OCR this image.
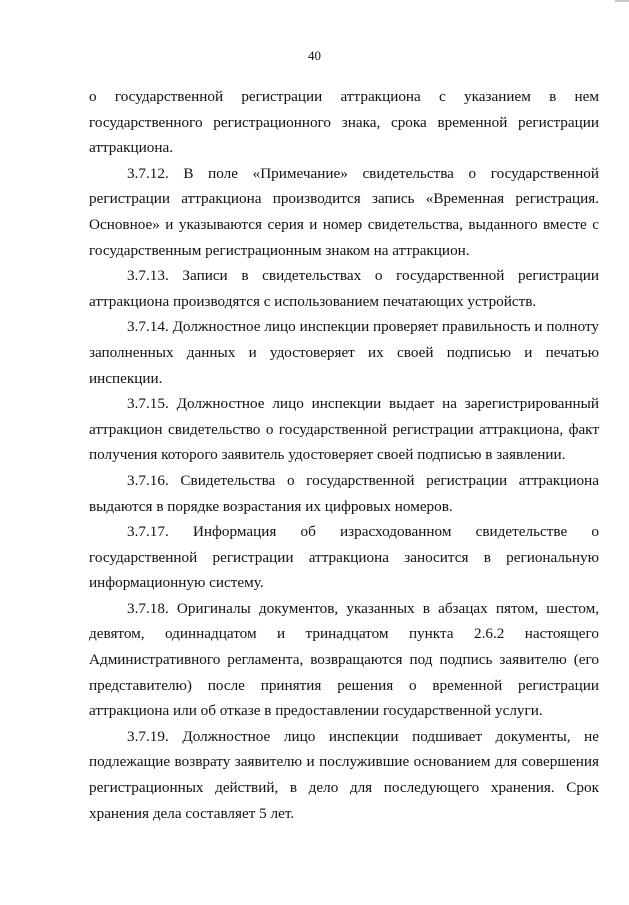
40

о государственной регистрации аттракциона с указанием в нем государственного регистрационного знака, срока временной регистрации аттракциона.

3.7.12. В поле «Примечание» свидетельства о государственной регистрации аттракциона производится запись «Временная регистрация. Основное» и указываются серия и номер свидетельства, выданного вместе с государственным регистрационным знаком на аттракцион.

3.7.13. Записи в свидетельствах о государственной регистрации аттракциона производятся с использованием печатающих устройств.

3.7.14. Должностное лицо инспекции проверяет правильность и полноту заполненных данных и удостоверяет их своей подписью и печатью инспекции.

3.7.15. Должностное лицо инспекции выдает на зарегистрированный аттракцион свидетельство о государственной регистрации аттракциона, факт получения которого заявитель удостоверяет своей подписью в заявлении.

3.7.16. Свидетельства о государственной регистрации аттракциона выдаются в порядке возрастания их цифровых номеров.

3.7.17. Информация об израсходованном свидетельстве о государственной регистрации аттракциона заносится в региональную информационную систему.

3.7.18. Оригиналы документов, указанных в абзацах пятом, шестом, девятом, одиннадцатом и тринадцатом пункта 2.6.2 настоящего Административного регламента, возвращаются под подпись заявителю (его представителю) после принятия решения о временной регистрации аттракциона или об отказе в предоставлении государственной услуги.

3.7.19. Должностное лицо инспекции подшивает документы, не подлежащие возврату заявителю и послужившие основанием для совершения регистрационных действий, в дело для последующего хранения. Срок хранения дела составляет 5 лет.
